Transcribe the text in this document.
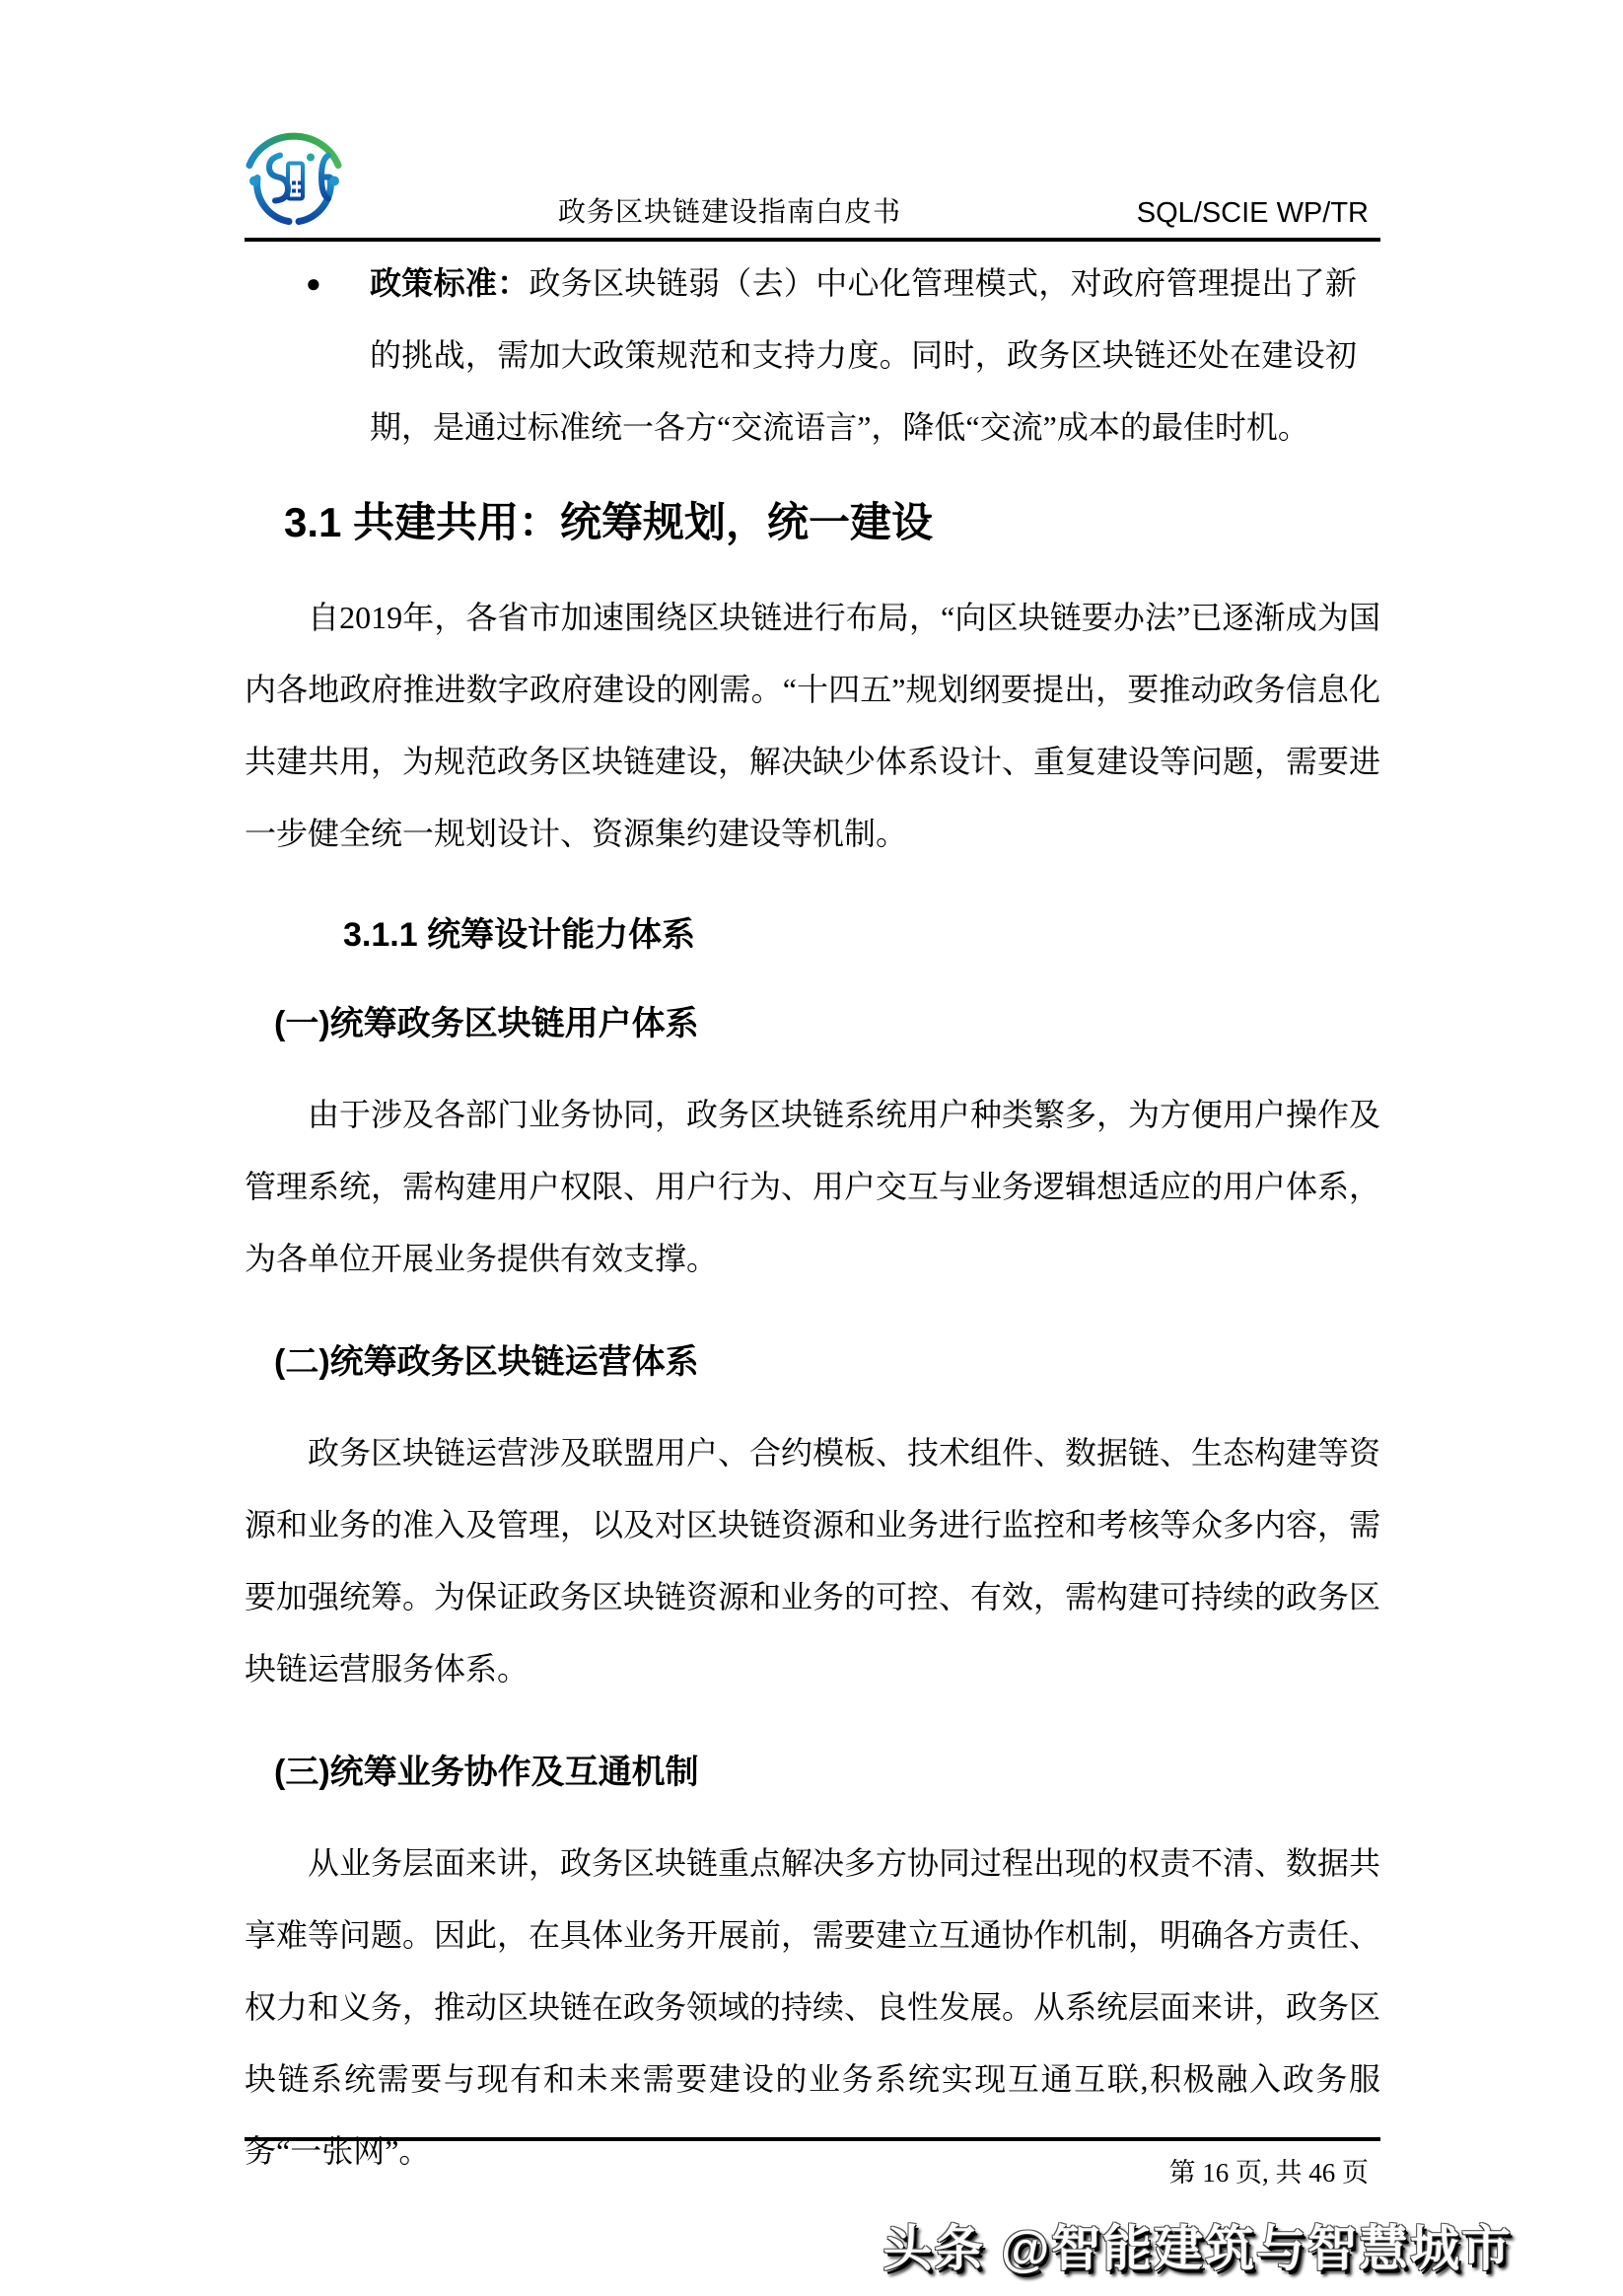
政务区块链建设指南白皮书	SQL/SCIE WP/TR
●	政策标准：政务区块链弱（去）中心化管理模式，对政府管理提出了新的挑战，需加大政策规范和支持力度。同时，政务区块链还处在建设初期，是通过标准统一各方“交流语言”，降低“交流”成本的最佳时机。
3.1 共建共用：统筹规划，统一建设

自2019年，各省市加速围绕区块链进行布局，“向区块链要办法”已逐渐成为国内各地政府推进数字政府建设的刚需。“十四五”规划纲要提出，要推动政务信息化共建共用，为规范政务区块链建设，解决缺少体系设计、重复建设等问题，需要进一步健全统一规划设计、资源集约建设等机制。

3.1.1 统筹设计能力体系
(一)统筹政务区块链用户体系

由于涉及各部门业务协同，政务区块链系统用户种类繁多，为方便用户操作及管理系统，需构建用户权限、用户行为、用户交互与业务逻辑想适应的用户体系，为各单位开展业务提供有效支撑。

(二)统筹政务区块链运营体系

政务区块链运营涉及联盟用户、合约模板、技术组件、数据链、生态构建等资源和业务的准入及管理，以及对区块链资源和业务进行监控和考核等众多内容，需要加强统筹。为保证政务区块链资源和业务的可控、有效，需构建可持续的政务区块链运营服务体系。

(三)统筹业务协作及互通机制

从业务层面来讲，政务区块链重点解决多方协同过程出现的权责不清、数据共享难等问题。因此，在具体业务开展前，需要建立互通协作机制，明确各方责任、权力和义务，推动区块链在政务领域的持续、良性发展。从系统层面来讲，政务区块链系统需要与现有和未来需要建设的业务系统实现互通互联,积极融入政务服务“一张网”。

第 16 页, 共 46 页
头条 @智能建筑与智慧城市
